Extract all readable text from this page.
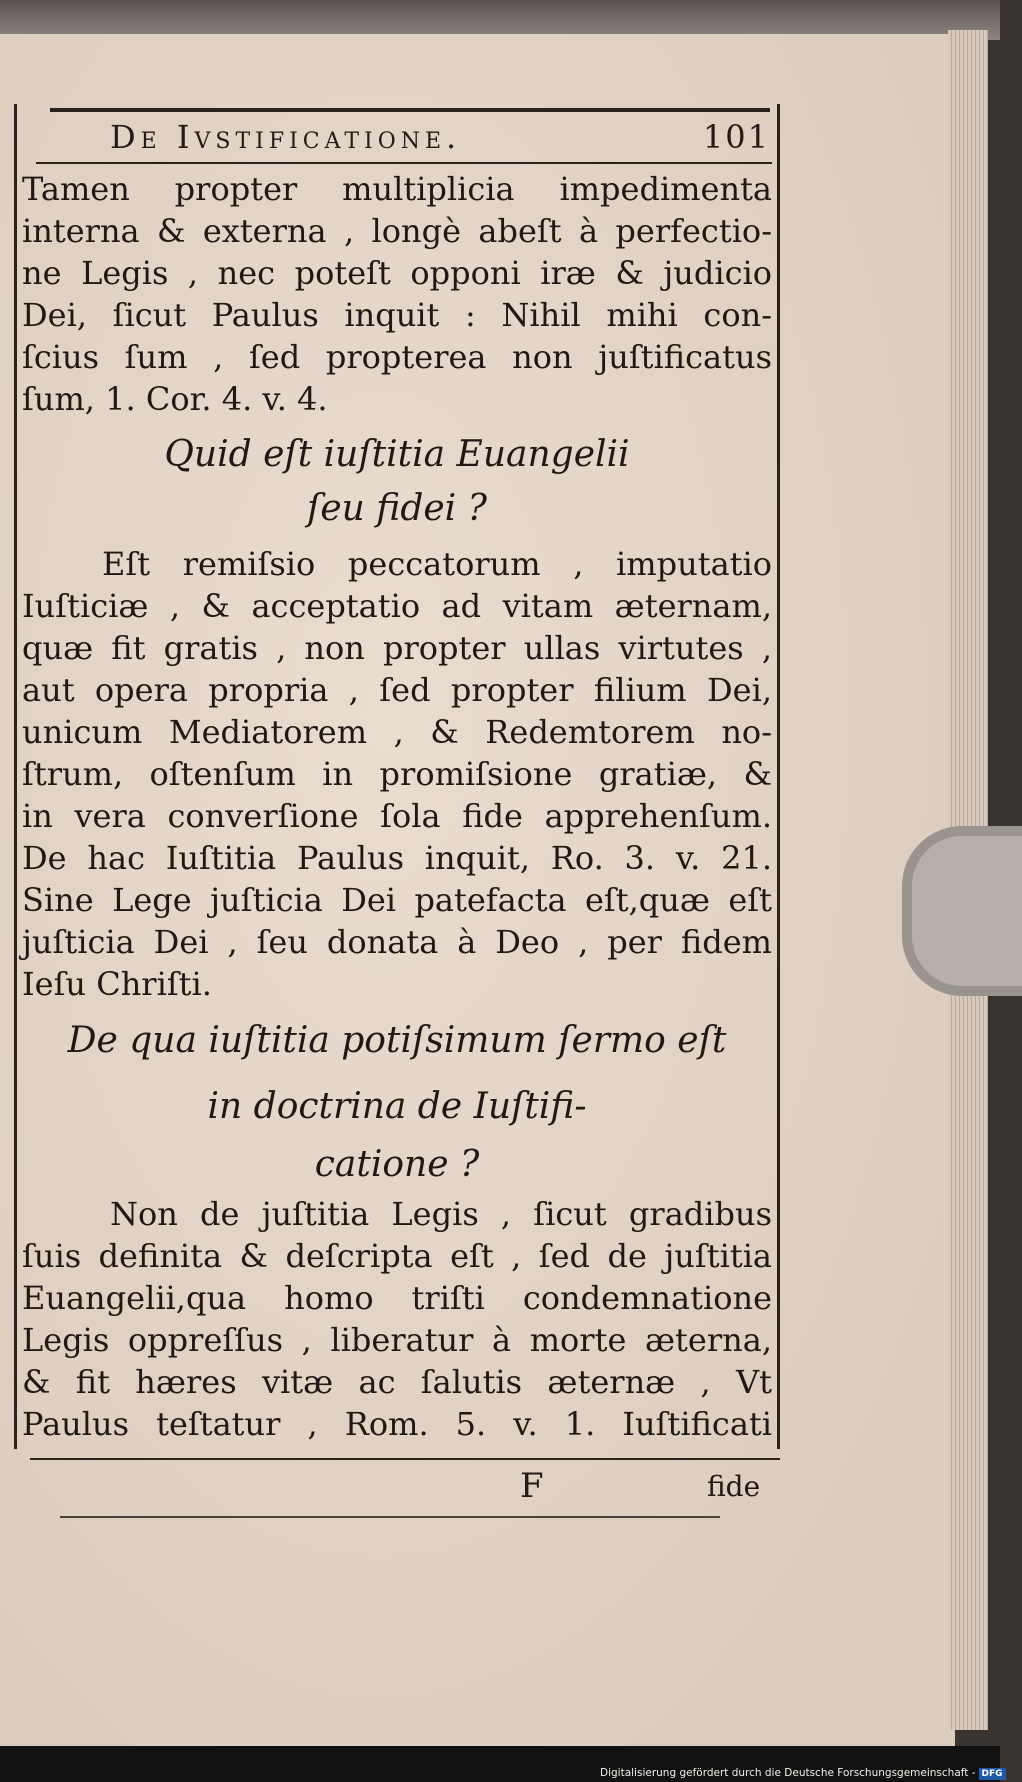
De Ivstificatione.	101
Tamen propter multiplicia impedimenta
interna & externa , longè abeſt à perfectio-
ne Legis , nec poteſt opponi iræ & judicio
Dei, ſicut Paulus inquit : Nihil mihi con-
ſcius ſum , ſed propterea non juſtificatus
ſum, 1. Cor. 4. v. 4.
Quid eſt iuſtitia Euangelii
ſeu fidei ?
Eſt remiſsio peccatorum , imputatio
Iuſticiæ , & acceptatio ad vitam æternam,
quæ fit gratis , non propter ullas virtutes ,
aut opera propria , ſed propter filium Dei,
unicum Mediatorem , & Redemtorem no-
ſtrum, oſtenſum in promiſsione gratiæ, &
in vera converſione ſola fide apprehenſum.
De hac Iuſtitia Paulus inquit, Ro. 3. v. 21.
Sine Lege juſticia Dei patefacta eſt,quæ eſt
juſticia Dei , ſeu donata à Deo , per fidem
Ieſu Chriſti.
De qua iuſtitia potiſsimum ſermo eſt
in doctrina de Iuſtifi-
catione ?
Non de juſtitia Legis , ſicut gradibus
ſuis definita & deſcripta eſt , ſed de juſtitia
Euangelii,qua homo triſti condemnatione
Legis oppreſſus , liberatur à morte æterna,
& fit hæres vitæ ac ſalutis æternæ , Vt
Paulus teſtatur , Rom. 5. v. 1. Iuſtificati
F	fide
Digitalisierung gefördert durch die Deutsche Forschungsgemeinschaft - DFG
